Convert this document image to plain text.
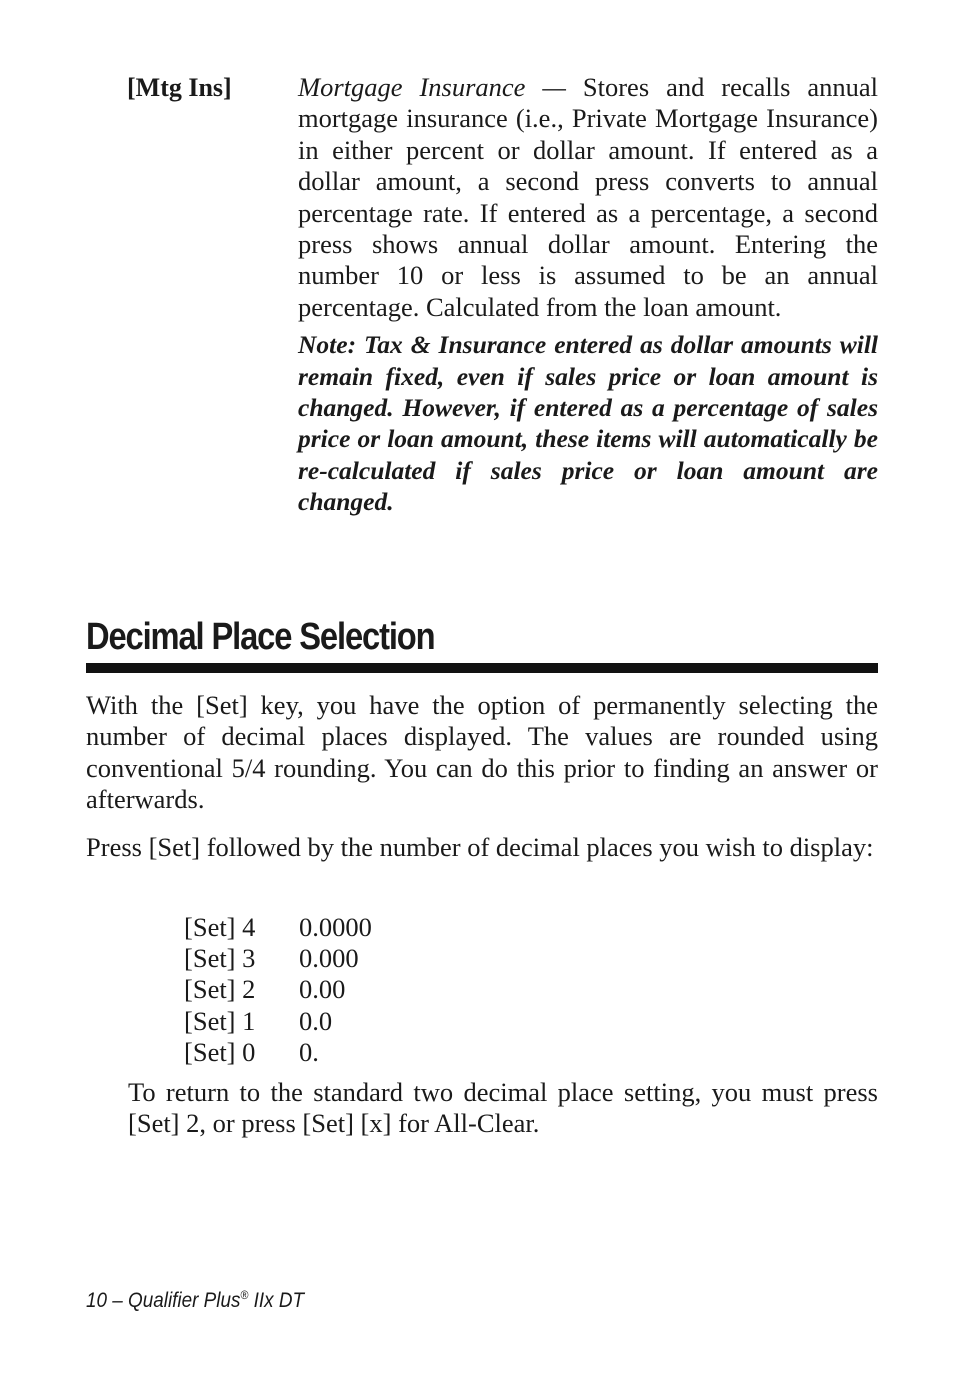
[Mtg Ins]	Mortgage Insurance — Stores and recalls annual mortgage insurance (i.e., Private Mortgage Insurance) in either percent or dollar amount. If entered as a dollar amount, a second press converts to annual percentage rate. If entered as a percentage, a second press shows annual dollar amount. Entering the number 10 or less is assumed to be an annual percentage. Calculated from the loan amount.

Note: Tax & Insurance entered as dollar amounts will remain fixed, even if sales price or loan amount is changed. However, if entered as a percentage of sales price or loan amount, these items will automatically be re-calculated if sales price or loan amount are changed.

Decimal Place Selection

With the [Set] key, you have the option of permanently selecting the number of decimal places displayed. The values are rounded using conventional 5/4 rounding. You can do this prior to finding an answer or afterwards.

Press [Set] followed by the number of decimal places you wish to display:

[Set] 4	0.0000
[Set] 3	0.000
[Set] 2	0.00
[Set] 1	0.0
[Set] 0	0.

To return to the standard two decimal place setting, you must press [Set] 2, or press [Set] [x] for All-Clear.

10 – Qualifier Plus® IIx DT
